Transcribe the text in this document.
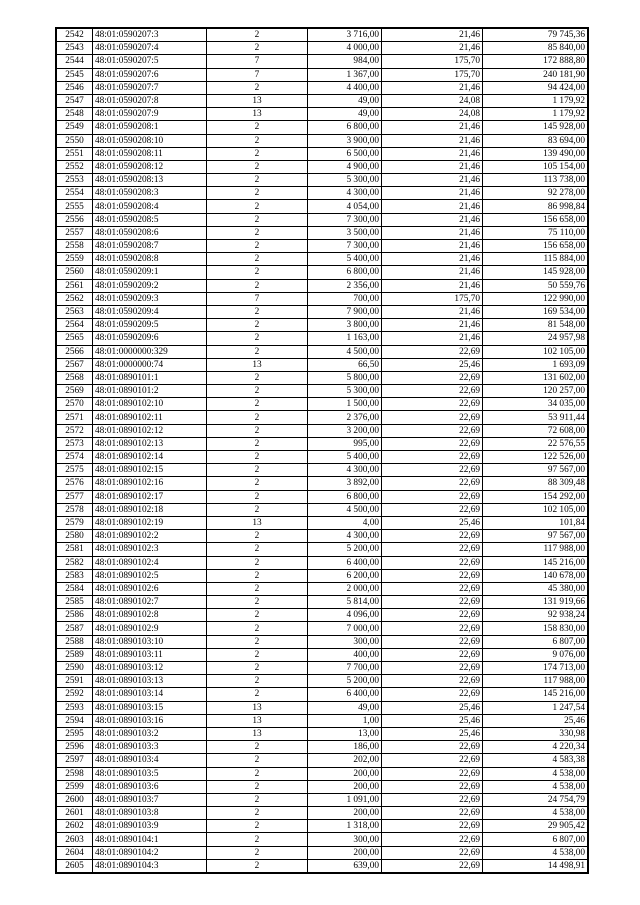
2542	48:01:0590207:3	2	3 716,00	21,46	79 745,36
2543	48:01:0590207:4	2	4 000,00	21,46	85 840,00
2544	48:01:0590207:5	7	984,00	175,70	172 888,80
2545	48:01:0590207:6	7	1 367,00	175,70	240 181,90
2546	48:01:0590207:7	2	4 400,00	21,46	94 424,00
2547	48:01:0590207:8	13	49,00	24,08	1 179,92
2548	48:01:0590207:9	13	49,00	24,08	1 179,92
2549	48:01:0590208:1	2	6 800,00	21,46	145 928,00
2550	48:01:0590208:10	2	3 900,00	21,46	83 694,00
2551	48:01:0590208:11	2	6 500,00	21,46	139 490,00
2552	48:01:0590208:12	2	4 900,00	21,46	105 154,00
2553	48:01:0590208:13	2	5 300,00	21,46	113 738,00
2554	48:01:0590208:3	2	4 300,00	21,46	92 278,00
2555	48:01:0590208:4	2	4 054,00	21,46	86 998,84
2556	48:01:0590208:5	2	7 300,00	21,46	156 658,00
2557	48:01:0590208:6	2	3 500,00	21,46	75 110,00
2558	48:01:0590208:7	2	7 300,00	21,46	156 658,00
2559	48:01:0590208:8	2	5 400,00	21,46	115 884,00
2560	48:01:0590209:1	2	6 800,00	21,46	145 928,00
2561	48:01:0590209:2	2	2 356,00	21,46	50 559,76
2562	48:01:0590209:3	7	700,00	175,70	122 990,00
2563	48:01:0590209:4	2	7 900,00	21,46	169 534,00
2564	48:01:0590209:5	2	3 800,00	21,46	81 548,00
2565	48:01:0590209:6	2	1 163,00	21,46	24 957,98
2566	48:01:0000000:329	2	4 500,00	22,69	102 105,00
2567	48:01:0000000:74	13	66,50	25,46	1 693,09
2568	48:01:0890101:1	2	5 800,00	22,69	131 602,00
2569	48:01:0890101:2	2	5 300,00	22,69	120 257,00
2570	48:01:0890102:10	2	1 500,00	22,69	34 035,00
2571	48:01:0890102:11	2	2 376,00	22,69	53 911,44
2572	48:01:0890102:12	2	3 200,00	22,69	72 608,00
2573	48:01:0890102:13	2	995,00	22,69	22 576,55
2574	48:01:0890102:14	2	5 400,00	22,69	122 526,00
2575	48:01:0890102:15	2	4 300,00	22,69	97 567,00
2576	48:01:0890102:16	2	3 892,00	22,69	88 309,48
2577	48:01:0890102:17	2	6 800,00	22,69	154 292,00
2578	48:01:0890102:18	2	4 500,00	22,69	102 105,00
2579	48:01:0890102:19	13	4,00	25,46	101,84
2580	48:01:0890102:2	2	4 300,00	22,69	97 567,00
2581	48:01:0890102:3	2	5 200,00	22,69	117 988,00
2582	48:01:0890102:4	2	6 400,00	22,69	145 216,00
2583	48:01:0890102:5	2	6 200,00	22,69	140 678,00
2584	48:01:0890102:6	2	2 000,00	22,69	45 380,00
2585	48:01:0890102:7	2	5 814,00	22,69	131 919,66
2586	48:01:0890102:8	2	4 096,00	22,69	92 938,24
2587	48:01:0890102:9	2	7 000,00	22,69	158 830,00
2588	48:01:0890103:10	2	300,00	22,69	6 807,00
2589	48:01:0890103:11	2	400,00	22,69	9 076,00
2590	48:01:0890103:12	2	7 700,00	22,69	174 713,00
2591	48:01:0890103:13	2	5 200,00	22,69	117 988,00
2592	48:01:0890103:14	2	6 400,00	22,69	145 216,00
2593	48:01:0890103:15	13	49,00	25,46	1 247,54
2594	48:01:0890103:16	13	1,00	25,46	25,46
2595	48:01:0890103:2	13	13,00	25,46	330,98
2596	48:01:0890103:3	2	186,00	22,69	4 220,34
2597	48:01:0890103:4	2	202,00	22,69	4 583,38
2598	48:01:0890103:5	2	200,00	22,69	4 538,00
2599	48:01:0890103:6	2	200,00	22,69	4 538,00
2600	48:01:0890103:7	2	1 091,00	22,69	24 754,79
2601	48:01:0890103:8	2	200,00	22,69	4 538,00
2602	48:01:0890103:9	2	1 318,00	22,69	29 905,42
2603	48:01:0890104:1	2	300,00	22,69	6 807,00
2604	48:01:0890104:2	2	200,00	22,69	4 538,00
2605	48:01:0890104:3	2	639,00	22,69	14 498,91
